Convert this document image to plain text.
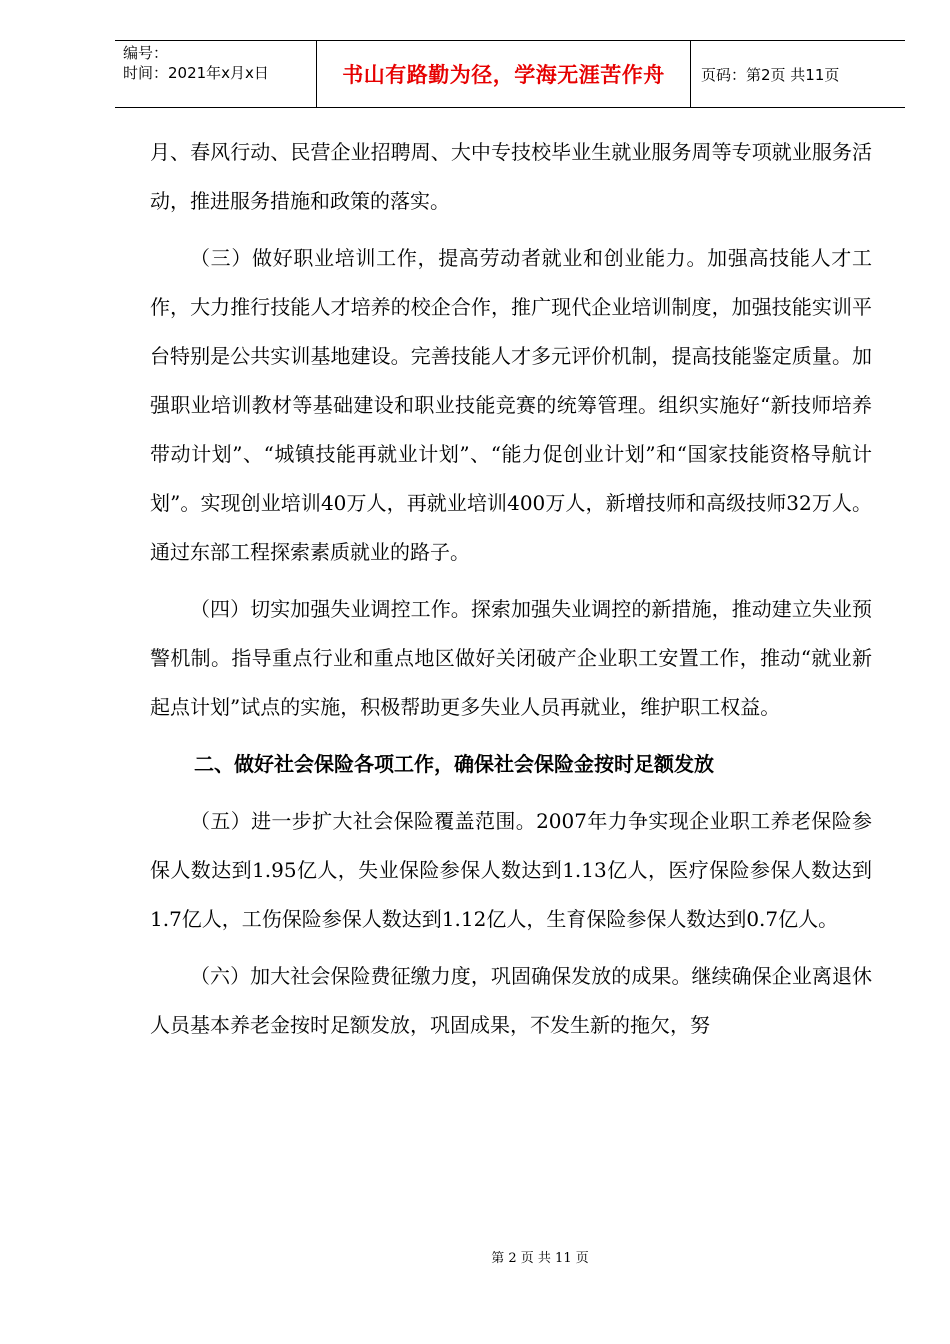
编号：
时间：2021年x月x日	书山有路勤为径，学海无涯苦作舟	页码：第2页 共11页

月、春风行动、民营企业招聘周、大中专技校毕业生就业服务周等专项就业服务活动，推进服务措施和政策的落实。

（三）做好职业培训工作，提高劳动者就业和创业能力。加强高技能人才工作，大力推行技能人才培养的校企合作，推广现代企业培训制度，加强技能实训平台特别是公共实训基地建设。完善技能人才多元评价机制，提高技能鉴定质量。加强职业培训教材等基础建设和职业技能竞赛的统筹管理。组织实施好“新技师培养带动计划”、“城镇技能再就业计划”、“能力促创业计划”和“国家技能资格导航计划”。实现创业培训40万人，再就业培训400万人，新增技师和高级技师32万人。通过东部工程探索素质就业的路子。

（四）切实加强失业调控工作。探索加强失业调控的新措施，推动建立失业预警机制。指导重点行业和重点地区做好关闭破产企业职工安置工作，推动“就业新起点计划”试点的实施，积极帮助更多失业人员再就业，维护职工权益。

二、做好社会保险各项工作，确保社会保险金按时足额发放

（五）进一步扩大社会保险覆盖范围。2007年力争实现企业职工养老保险参保人数达到1.95亿人，失业保险参保人数达到1.13亿人，医疗保险参保人数达到1.7亿人，工伤保险参保人数达到1.12亿人，生育保险参保人数达到0.7亿人。

（六）加大社会保险费征缴力度，巩固确保发放的成果。继续确保企业离退休人员基本养老金按时足额发放，巩固成果，不发生新的拖欠，努

第 2 页 共 11 页
